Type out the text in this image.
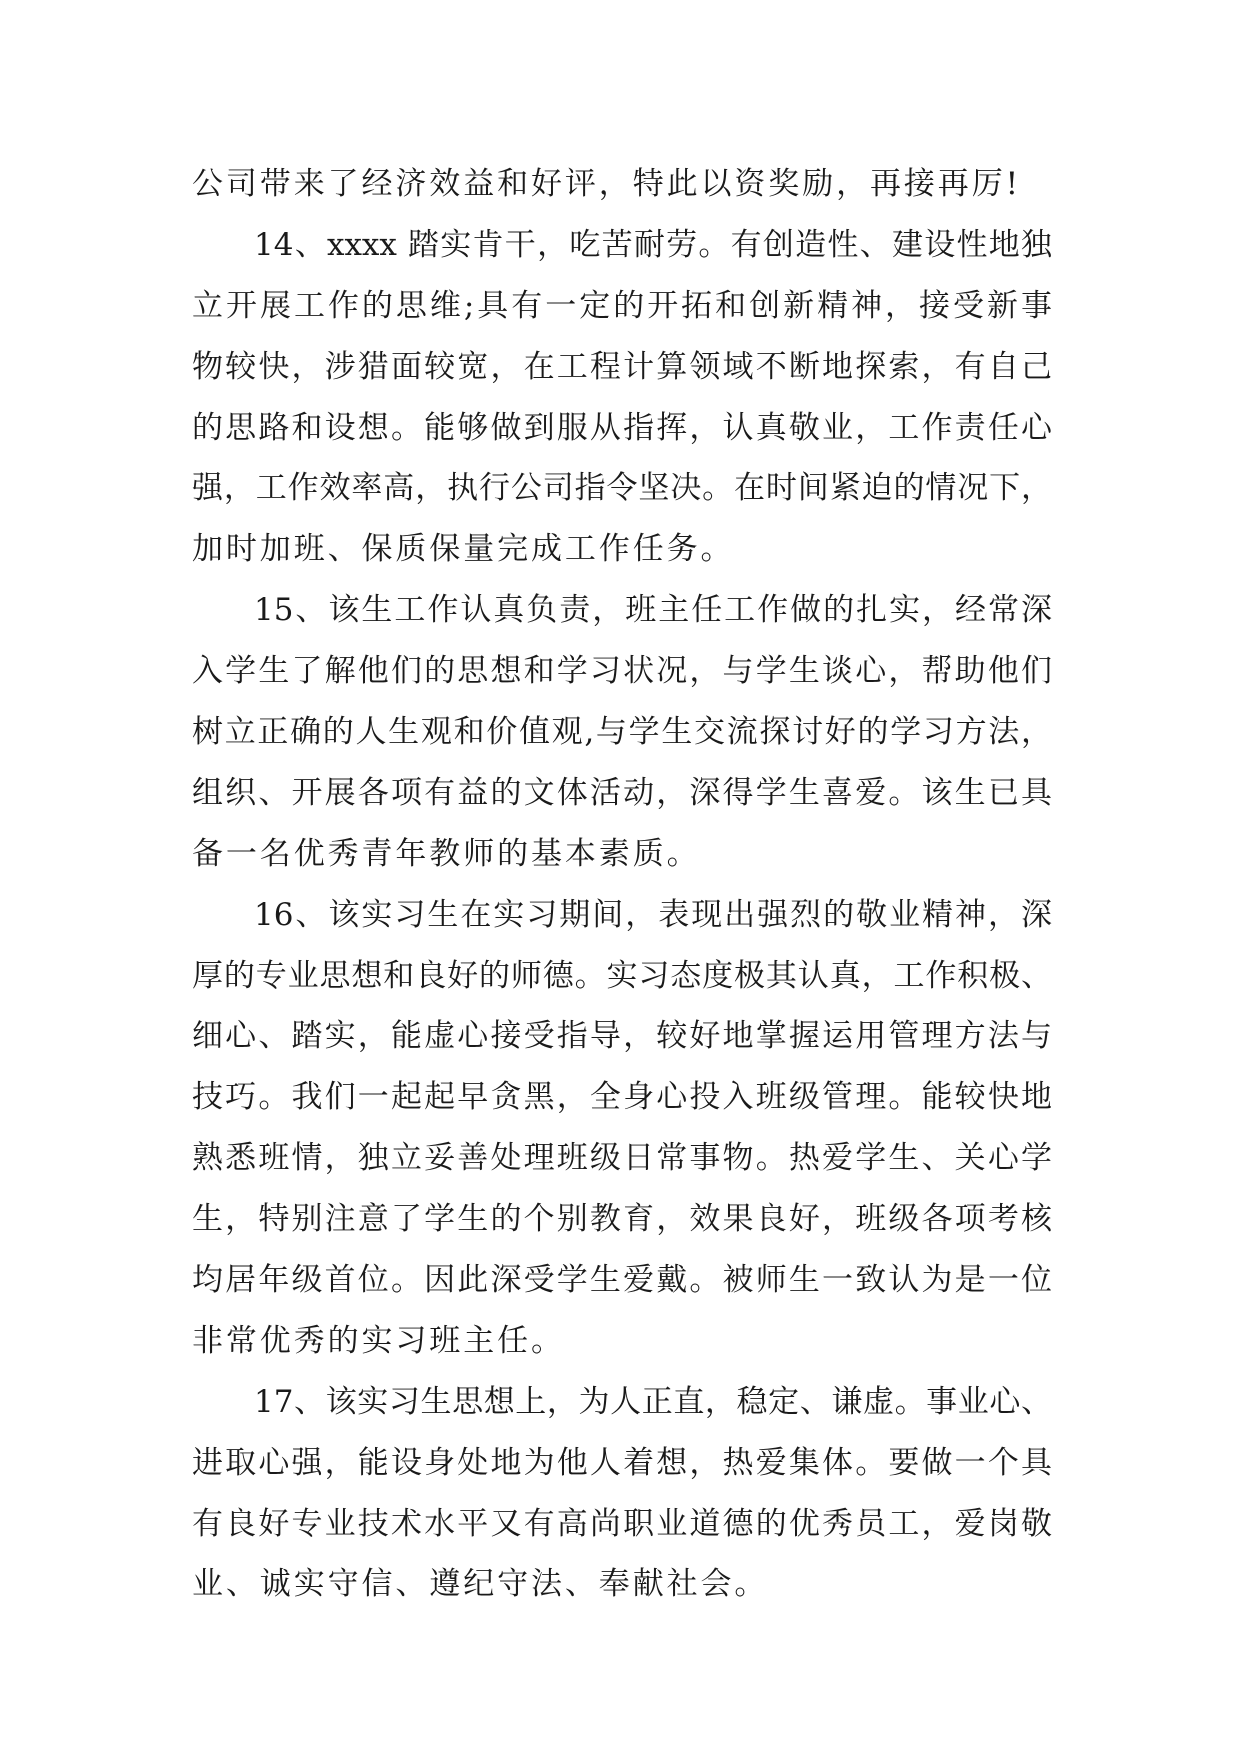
公司带来了经济效益和好评，特此以资奖励，再接再厉!
14、xxxx 踏实肯干，吃苦耐劳。有创造性、建设性地独
立开展工作的思维;具有一定的开拓和创新精神，接受新事
物较快，涉猎面较宽，在工程计算领域不断地探索，有自己
的思路和设想。能够做到服从指挥，认真敬业，工作责任心
强，工作效率高，执行公司指令坚决。在时间紧迫的情况下，
加时加班、保质保量完成工作任务。
15、该生工作认真负责，班主任工作做的扎实，经常深
入学生了解他们的思想和学习状况，与学生谈心，帮助他们
树立正确的人生观和价值观,与学生交流探讨好的学习方法，
组织、开展各项有益的文体活动，深得学生喜爱。该生已具
备一名优秀青年教师的基本素质。
16、该实习生在实习期间，表现出强烈的敬业精神，深
厚的专业思想和良好的师德。实习态度极其认真，工作积极、
细心、踏实，能虚心接受指导，较好地掌握运用管理方法与
技巧。我们一起起早贪黑，全身心投入班级管理。能较快地
熟悉班情，独立妥善处理班级日常事物。热爱学生、关心学
生，特别注意了学生的个别教育，效果良好，班级各项考核
均居年级首位。因此深受学生爱戴。被师生一致认为是一位
非常优秀的实习班主任。
17、该实习生思想上，为人正直，稳定、谦虚。事业心、
进取心强，能设身处地为他人着想，热爱集体。要做一个具
有良好专业技术水平又有高尚职业道德的优秀员工，爱岗敬
业、诚实守信、遵纪守法、奉献社会。
